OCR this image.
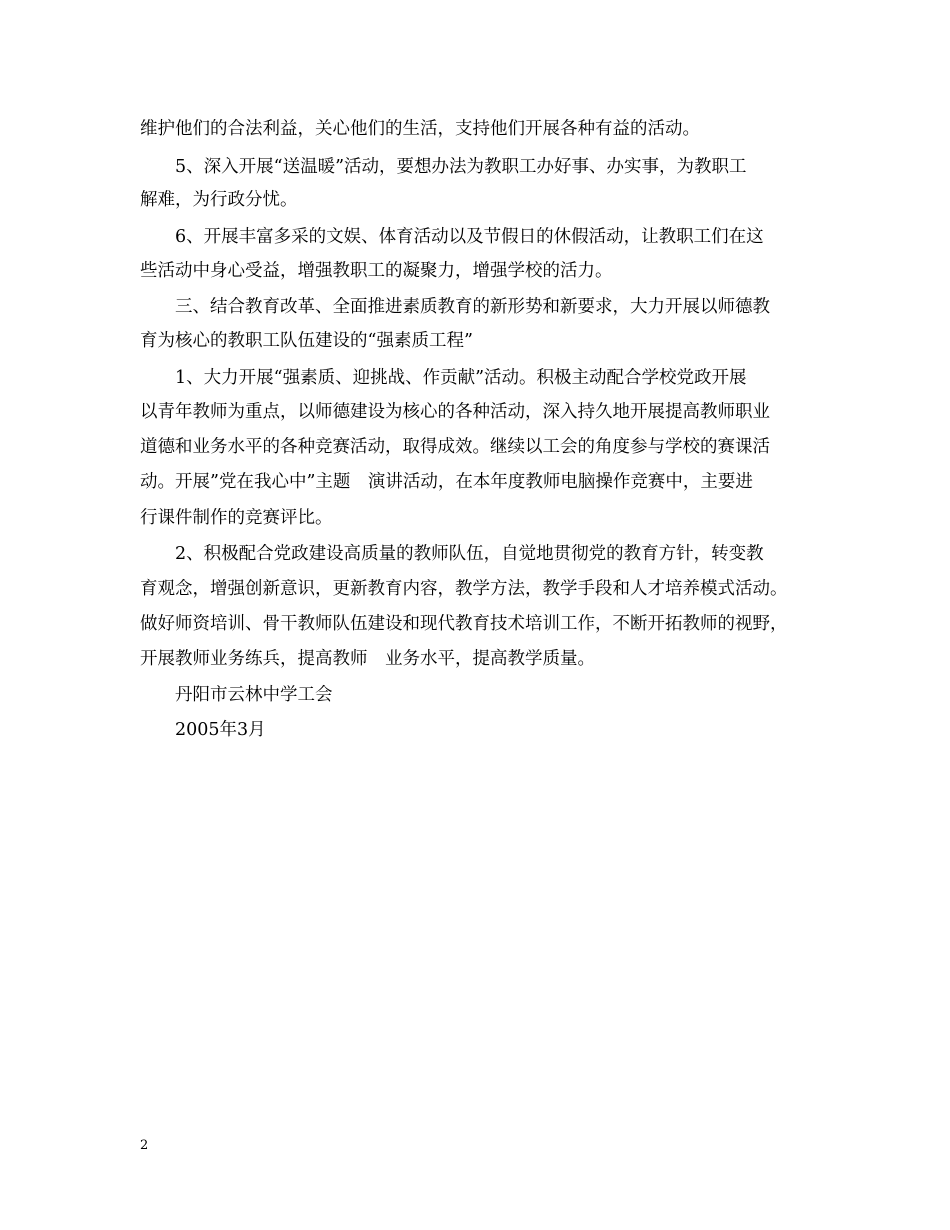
维护他们的合法利益，关心他们的生活，支持他们开展各种有益的活动。
5、深入开展“送温暖”活动，要想办法为教职工办好事、办实事，为教职工
解难，为行政分忧。
6、开展丰富多采的文娱、体育活动以及节假日的休假活动，让教职工们在这
些活动中身心受益，增强教职工的凝聚力，增强学校的活力。
三、结合教育改革、全面推进素质教育的新形势和新要求，大力开展以师德教
育为核心的教职工队伍建设的“强素质工程”
1、大力开展“强素质、迎挑战、作贡献”活动。积极主动配合学校党政开展
以青年教师为重点，以师德建设为核心的各种活动，深入持久地开展提高教师职业
道德和业务水平的各种竞赛活动，取得成效。继续以工会的角度参与学校的赛课活
动。开展”党在我心中”主题　演讲活动，在本年度教师电脑操作竞赛中，主要进
行课件制作的竞赛评比。
2、积极配合党政建设高质量的教师队伍，自觉地贯彻党的教育方针，转变教
育观念，增强创新意识，更新教育内容，教学方法，教学手段和人才培养模式活动。
做好师资培训、骨干教师队伍建设和现代教育技术培训工作，不断开拓教师的视野，
开展教师业务练兵，提高教师　业务水平，提高教学质量。
丹阳市云林中学工会
2005年3月
2
